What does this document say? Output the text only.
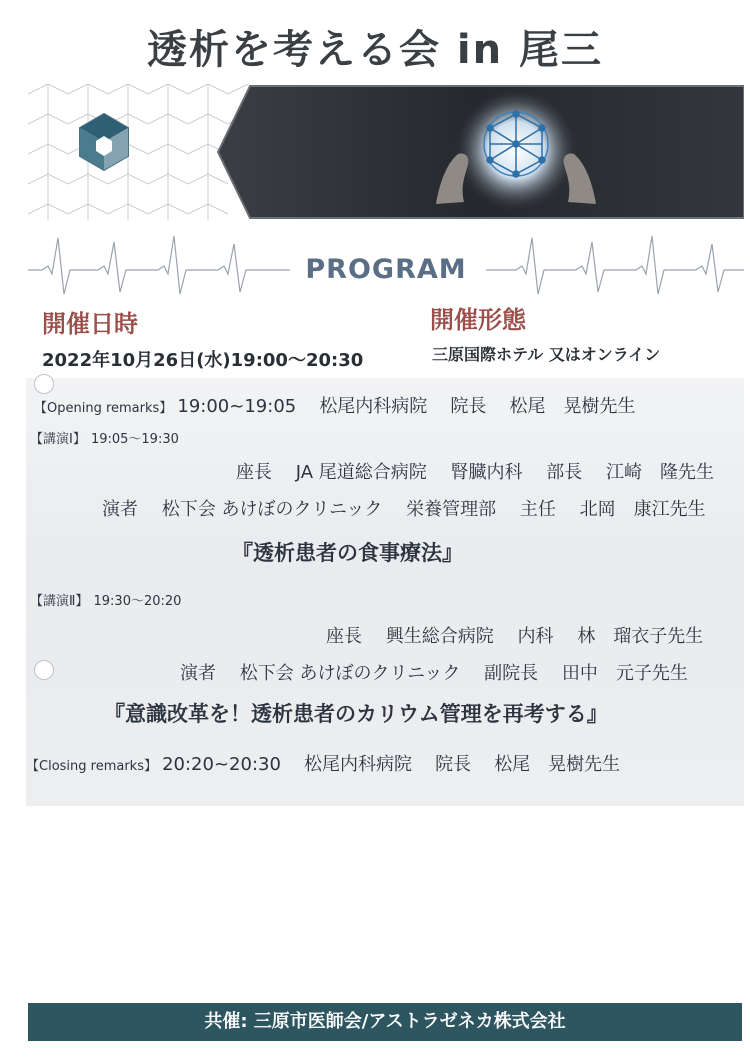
透析を考える会 in 尾三
PROGRAM
開催日時	開催形態
2022年10月26日(水)19:00～20:30	三原国際ホテル 又はオンライン
【Opening remarks】 19:00~19:05 松尾内科病院 院長 松尾　晃樹先生
【講演Ⅰ】 19:05～19:30
座長 JA 尾道総合病院 腎臓内科 部長 江崎　隆先生
演者 松下会 あけぼのクリニック 栄養管理部 主任 北岡　康江先生
『透析患者の食事療法』
【講演Ⅱ】 19:30～20:20
座長 興生総合病院 内科 林　瑠衣子先生
演者 松下会 あけぼのクリニック 副院長 田中　元子先生
『意識改革を！透析患者のカリウム管理を再考する』
【Closing remarks】 20:20~20:30 松尾内科病院 院長 松尾　晃樹先生
共催: 三原市医師会/アストラゼネカ株式会社
